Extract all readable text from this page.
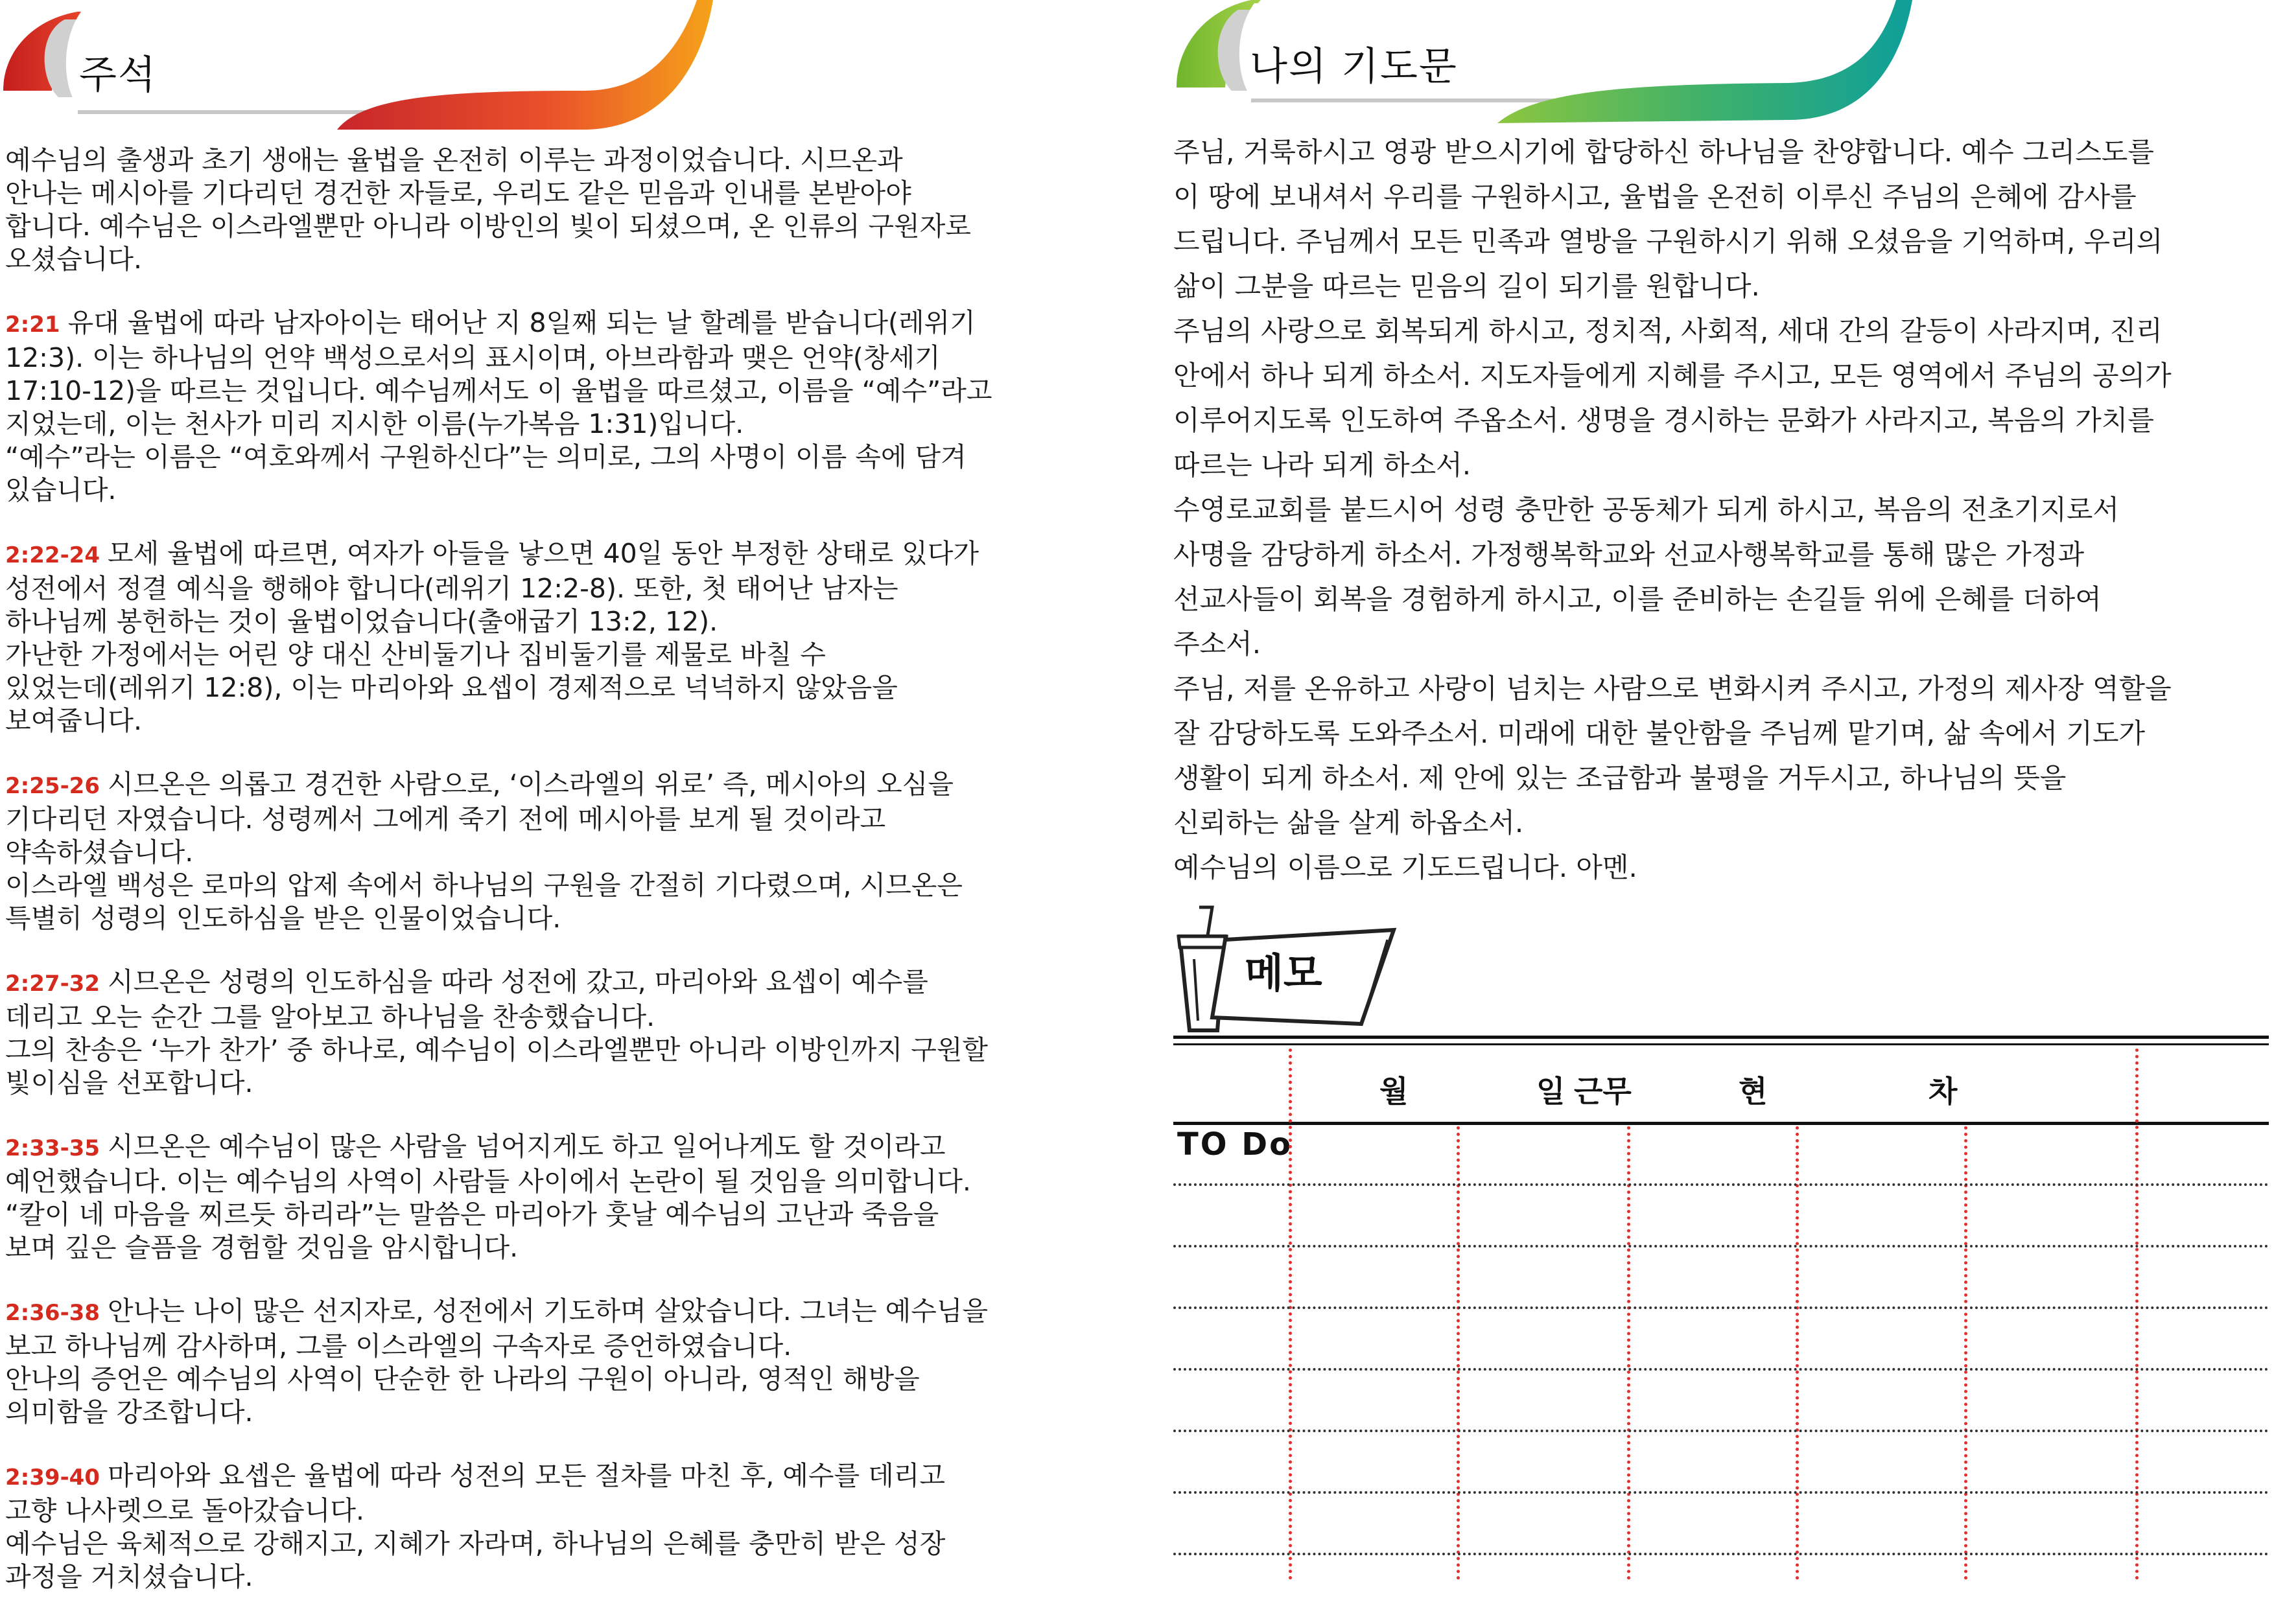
주석
예수님의 출생과 초기 생애는 율법을 온전히 이루는 과정이었습니다. 시므온과
안나는 메시아를 기다리던 경건한 자들로, 우리도 같은 믿음과 인내를 본받아야
합니다. 예수님은 이스라엘뿐만 아니라 이방인의 빛이 되셨으며, 온 인류의 구원자로
오셨습니다.
2:21 유대 율법에 따라 남자아이는 태어난 지 8일째 되는 날 할례를 받습니다(레위기
12:3). 이는 하나님의 언약 백성으로서의 표시이며, 아브라함과 맺은 언약(창세기
17:10-12)을 따르는 것입니다. 예수님께서도 이 율법을 따르셨고, 이름을 “예수”라고
지었는데, 이는 천사가 미리 지시한 이름(누가복음 1:31)입니다.
“예수”라는 이름은 “여호와께서 구원하신다”는 의미로, 그의 사명이 이름 속에 담겨
있습니다.
2:22-24 모세 율법에 따르면, 여자가 아들을 낳으면 40일 동안 부정한 상태로 있다가
성전에서 정결 예식을 행해야 합니다(레위기 12:2-8). 또한, 첫 태어난 남자는
하나님께 봉헌하는 것이 율법이었습니다(출애굽기 13:2, 12).
가난한 가정에서는 어린 양 대신 산비둘기나 집비둘기를 제물로 바칠 수
있었는데(레위기 12:8), 이는 마리아와 요셉이 경제적으로 넉넉하지 않았음을
보여줍니다.
2:25-26 시므온은 의롭고 경건한 사람으로, ‘이스라엘의 위로’ 즉, 메시아의 오심을
기다리던 자였습니다. 성령께서 그에게 죽기 전에 메시아를 보게 될 것이라고
약속하셨습니다.
이스라엘 백성은 로마의 압제 속에서 하나님의 구원을 간절히 기다렸으며, 시므온은
특별히 성령의 인도하심을 받은 인물이었습니다.
2:27-32 시므온은 성령의 인도하심을 따라 성전에 갔고, 마리아와 요셉이 예수를
데리고 오는 순간 그를 알아보고 하나님을 찬송했습니다.
그의 찬송은 ‘누가 찬가’ 중 하나로, 예수님이 이스라엘뿐만 아니라 이방인까지 구원할
빛이심을 선포합니다.
2:33-35 시므온은 예수님이 많은 사람을 넘어지게도 하고 일어나게도 할 것이라고
예언했습니다. 이는 예수님의 사역이 사람들 사이에서 논란이 될 것임을 의미합니다.
“칼이 네 마음을 찌르듯 하리라”는 말씀은 마리아가 훗날 예수님의 고난과 죽음을
보며 깊은 슬픔을 경험할 것임을 암시합니다.
2:36-38 안나는 나이 많은 선지자로, 성전에서 기도하며 살았습니다. 그녀는 예수님을
보고 하나님께 감사하며, 그를 이스라엘의 구속자로 증언하였습니다.
안나의 증언은 예수님의 사역이 단순한 한 나라의 구원이 아니라, 영적인 해방을
의미함을 강조합니다.
2:39-40 마리아와 요셉은 율법에 따라 성전의 모든 절차를 마친 후, 예수를 데리고
고향 나사렛으로 돌아갔습니다.
예수님은 육체적으로 강해지고, 지혜가 자라며, 하나님의 은혜를 충만히 받은 성장
과정을 거치셨습니다.
나의 기도문

주님, 거룩하시고 영광 받으시기에 합당하신 하나님을 찬양합니다. 예수 그리스도를

이 땅에 보내셔서 우리를 구원하시고, 율법을 온전히 이루신 주님의 은혜에 감사를

드립니다. 주님께서 모든 민족과 열방을 구원하시기 위해 오셨음을 기억하며, 우리의

삶이 그분을 따르는 믿음의 길이 되기를 원합니다.

주님의 사랑으로 회복되게 하시고, 정치적, 사회적, 세대 간의 갈등이 사라지며, 진리

안에서 하나 되게 하소서. 지도자들에게 지혜를 주시고, 모든 영역에서 주님의 공의가

이루어지도록 인도하여 주옵소서. 생명을 경시하는 문화가 사라지고, 복음의 가치를

따르는 나라 되게 하소서.

수영로교회를 붙드시어 성령 충만한 공동체가 되게 하시고, 복음의 전초기지로서

사명을 감당하게 하소서. 가정행복학교와 선교사행복학교를 통해 많은 가정과

선교사들이 회복을 경험하게 하시고, 이를 준비하는 손길들 위에 은혜를 더하여

주소서.

주님, 저를 온유하고 사랑이 넘치는 사람으로 변화시켜 주시고, 가정의 제사장 역할을

잘 감당하도록 도와주소서. 미래에 대한 불안함을 주님께 맡기며, 삶 속에서 기도가

생활이 되게 하소서. 제 안에 있는 조급함과 불평을 거두시고, 하나님의 뜻을

신뢰하는 삶을 살게 하옵소서.

예수님의 이름으로 기도드립니다. 아멘.

메모
월	일 근무	현	차
TO Do
